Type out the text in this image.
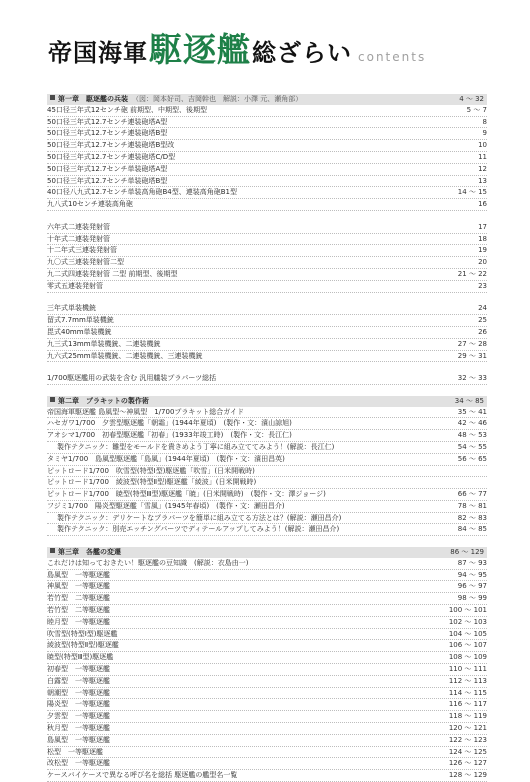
帝国海軍 駆逐艦 総ざらい contents
第一章　駆逐艦の兵装 （図：岡本好司、吉岡幹也　解説：小澤 元、瀬角部）	4 ～ 32
45口径三年式12センチ砲 前期型、中期型、後期型	5 ～ 7
50口径三年式12.7センチ連装砲塔A型	8
50口径三年式12.7センチ連装砲塔B型	9
50口径三年式12.7センチ連装砲塔B型改	10
50口径三年式12.7センチ連装砲塔C/D型	11
50口径三年式12.7センチ単装砲塔A型	12
50口径三年式12.7センチ単装砲塔B型	13
40口径八九式12.7センチ単装高角砲B4型、連装高角砲B1型	14 ～ 15
九八式10センチ連装高角砲	16
六年式二連装発射管	17
十年式二連装発射管	18
十二年式三連装発射管	19
九〇式三連装発射管二型	20
九二式四連装発射管 二型 前期型、後期型	21 ～ 22
零式五連装発射管	23
三年式単装機銃	24
留式7.7mm単装機銃	25
毘式40mm単装機銃	26
九三式13mm単装機銃、二連装機銃	27 ～ 28
九六式25mm単装機銃、二連装機銃、三連装機銃	29 ～ 31
1/700駆逐艦用の武装を含む 汎用艤装プラパーツ総括	32 ～ 33
第二章　プラキットの製作術	34 ～ 85
帝国海軍駆逐艦 島風型～神風型　1/700プラキット総合ガイド	35 ～ 41
ハセガワ1/700　夕雲型駆逐艦「朝霜」(1944年夏頃)　(製作・文：濱山諒旭)	42 ～ 46
アオシマ1/700　初春型駆逐艦「初春」(1933年竣工時)　(製作・文：長江仁)	48 ～ 53
製作テクニック：雛型をモールドを貴きめよう丁寧に組み立ててみよう！(解説：長江仁)	54 ～ 55
タミヤ1/700　島風型駆逐艦「島風」(1944年夏頃)　(製作・文：濱田昌英)	56 ～ 65
ピットロード1/700　吹雪型(特型Ⅰ型)駆逐艦「吹雪」(日米開戦時)
ピットロード1/700　綾波型(特型Ⅱ型)駆逐艦「綾波」(日米開戦時)
ピットロード1/700　暁型(特型Ⅲ型)駆逐艦「暁」(日米開戦時)　(製作・文：澤ジョージ)	66 ～ 77
フジミ1/700　陽炎型駆逐艦「雪風」(1945年春頃)　(製作・文：瀬田昌介)	78 ～ 81
製作テクニック：デリケートなプラパーツを簡単に組み立てる方法とは？(解説：瀬田昌介)	82 ～ 83
製作テクニック：別売エッチングパーツでディテールアップしてみよう！(解説：瀬田昌介)	84 ～ 85
第三章　各艦の変遷	86 ～ 129
これだけは知っておきたい！駆逐艦の豆知識　(解説：衣島由一)	87 ～ 93
島風型　一等駆逐艦	94 ～ 95
神風型　一等駆逐艦	96 ～ 97
若竹型　二等駆逐艦	98 ～ 99
若竹型　二等駆逐艦	100 ～ 101
睦月型　一等駆逐艦	102 ～ 103
吹雪型(特型Ⅰ型)駆逐艦	104 ～ 105
綾波型(特型Ⅱ型)駆逐艦	106 ～ 107
暁型(特型Ⅲ型)駆逐艦	108 ～ 109
初春型　一等駆逐艦	110 ～ 111
白露型　一等駆逐艦	112 ～ 113
朝潮型　一等駆逐艦	114 ～ 115
陽炎型　一等駆逐艦	116 ～ 117
夕雲型　一等駆逐艦	118 ～ 119
秋月型　一等駆逐艦	120 ～ 121
島風型　一等駆逐艦	122 ～ 123
松型　一等駆逐艦	124 ～ 125
改松型　一等駆逐艦	126 ～ 127
ケースバイケースで異なる呼び名を総括 駆逐艦の艦型名一覧	128 ～ 129
